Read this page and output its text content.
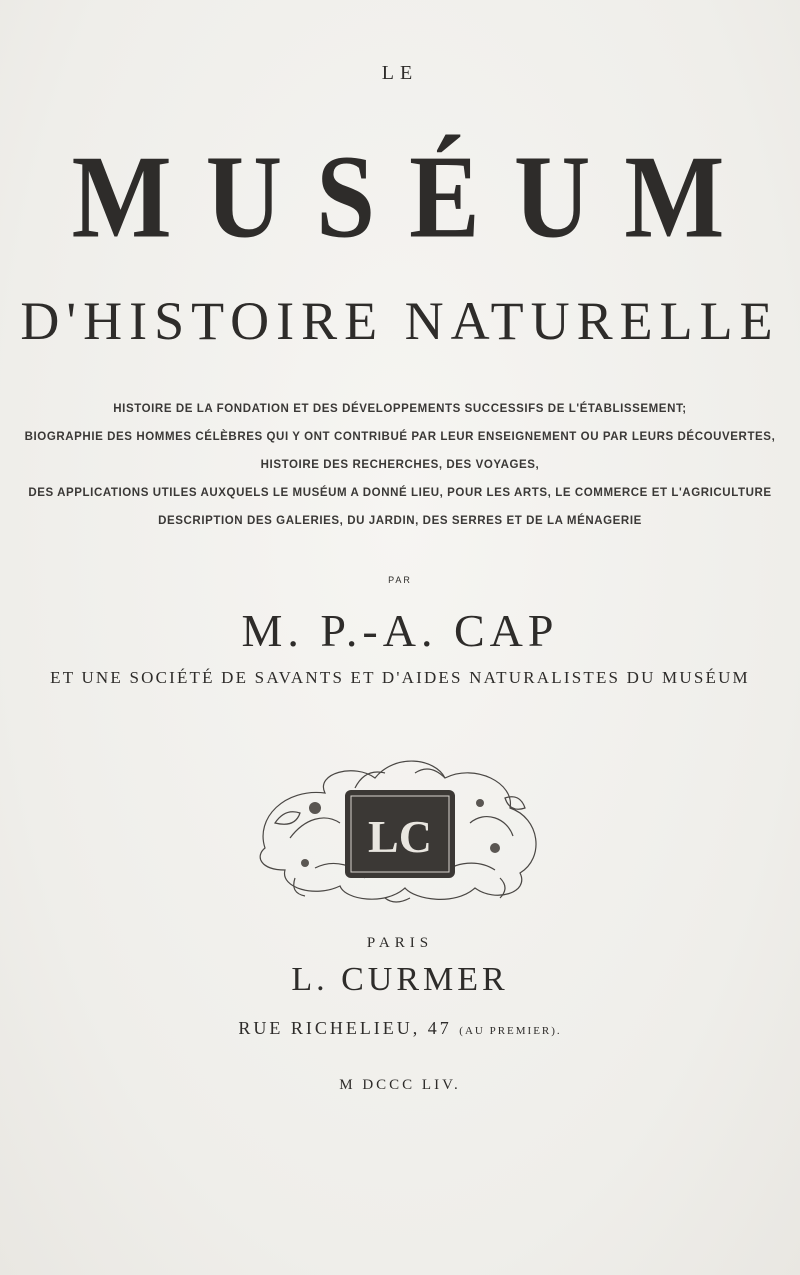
LE
MUSÉUM
D'HISTOIRE NATURELLE
HISTOIRE DE LA FONDATION ET DES DÉVELOPPEMENTS SUCCESSIFS DE L'ÉTABLISSEMENT;
BIOGRAPHIE DES HOMMES CÉLÈBRES QUI Y ONT CONTRIBUÉ PAR LEUR ENSEIGNEMENT OU PAR LEURS DÉCOUVERTES,
HISTOIRE DES RECHERCHES, DES VOYAGES,
DES APPLICATIONS UTILES AUXQUELS LE MUSÉUM A DONNÉ LIEU, POUR LES ARTS, LE COMMERCE ET L'AGRICULTURE
DESCRIPTION DES GALERIES, DU JARDIN, DES SERRES ET DE LA MÉNAGERIE
PAR
M. P.-A. CAP
ET UNE SOCIÉTÉ DE SAVANTS ET D'AIDES NATURALISTES DU MUSÉUM
LC
PARIS
L. CURMER
RUE RICHELIEU, 47 (AU PREMIER).
M DCCC LIV.
